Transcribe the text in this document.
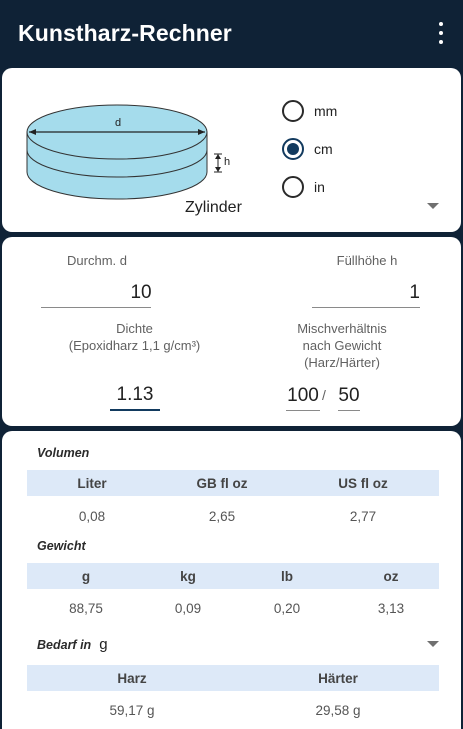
Kunstharz-Rechner
d
h
Zylinder
mm
cm
in
Durchm. d
10
Füllhöhe h
1
Dichte
(Epoxidharz 1,1 g/cm³)
1.13
Mischverhältnis
nach Gewicht
(Harz/Härter)
100 / 50
Volumen
Liter	GB fl oz	US fl oz
0,08	2,65	2,77
Gewicht
g	kg	lb	oz
88,75	0,09	0,20	3,13
Bedarf in g
Harz	Härter
59,17 g	29,58 g
